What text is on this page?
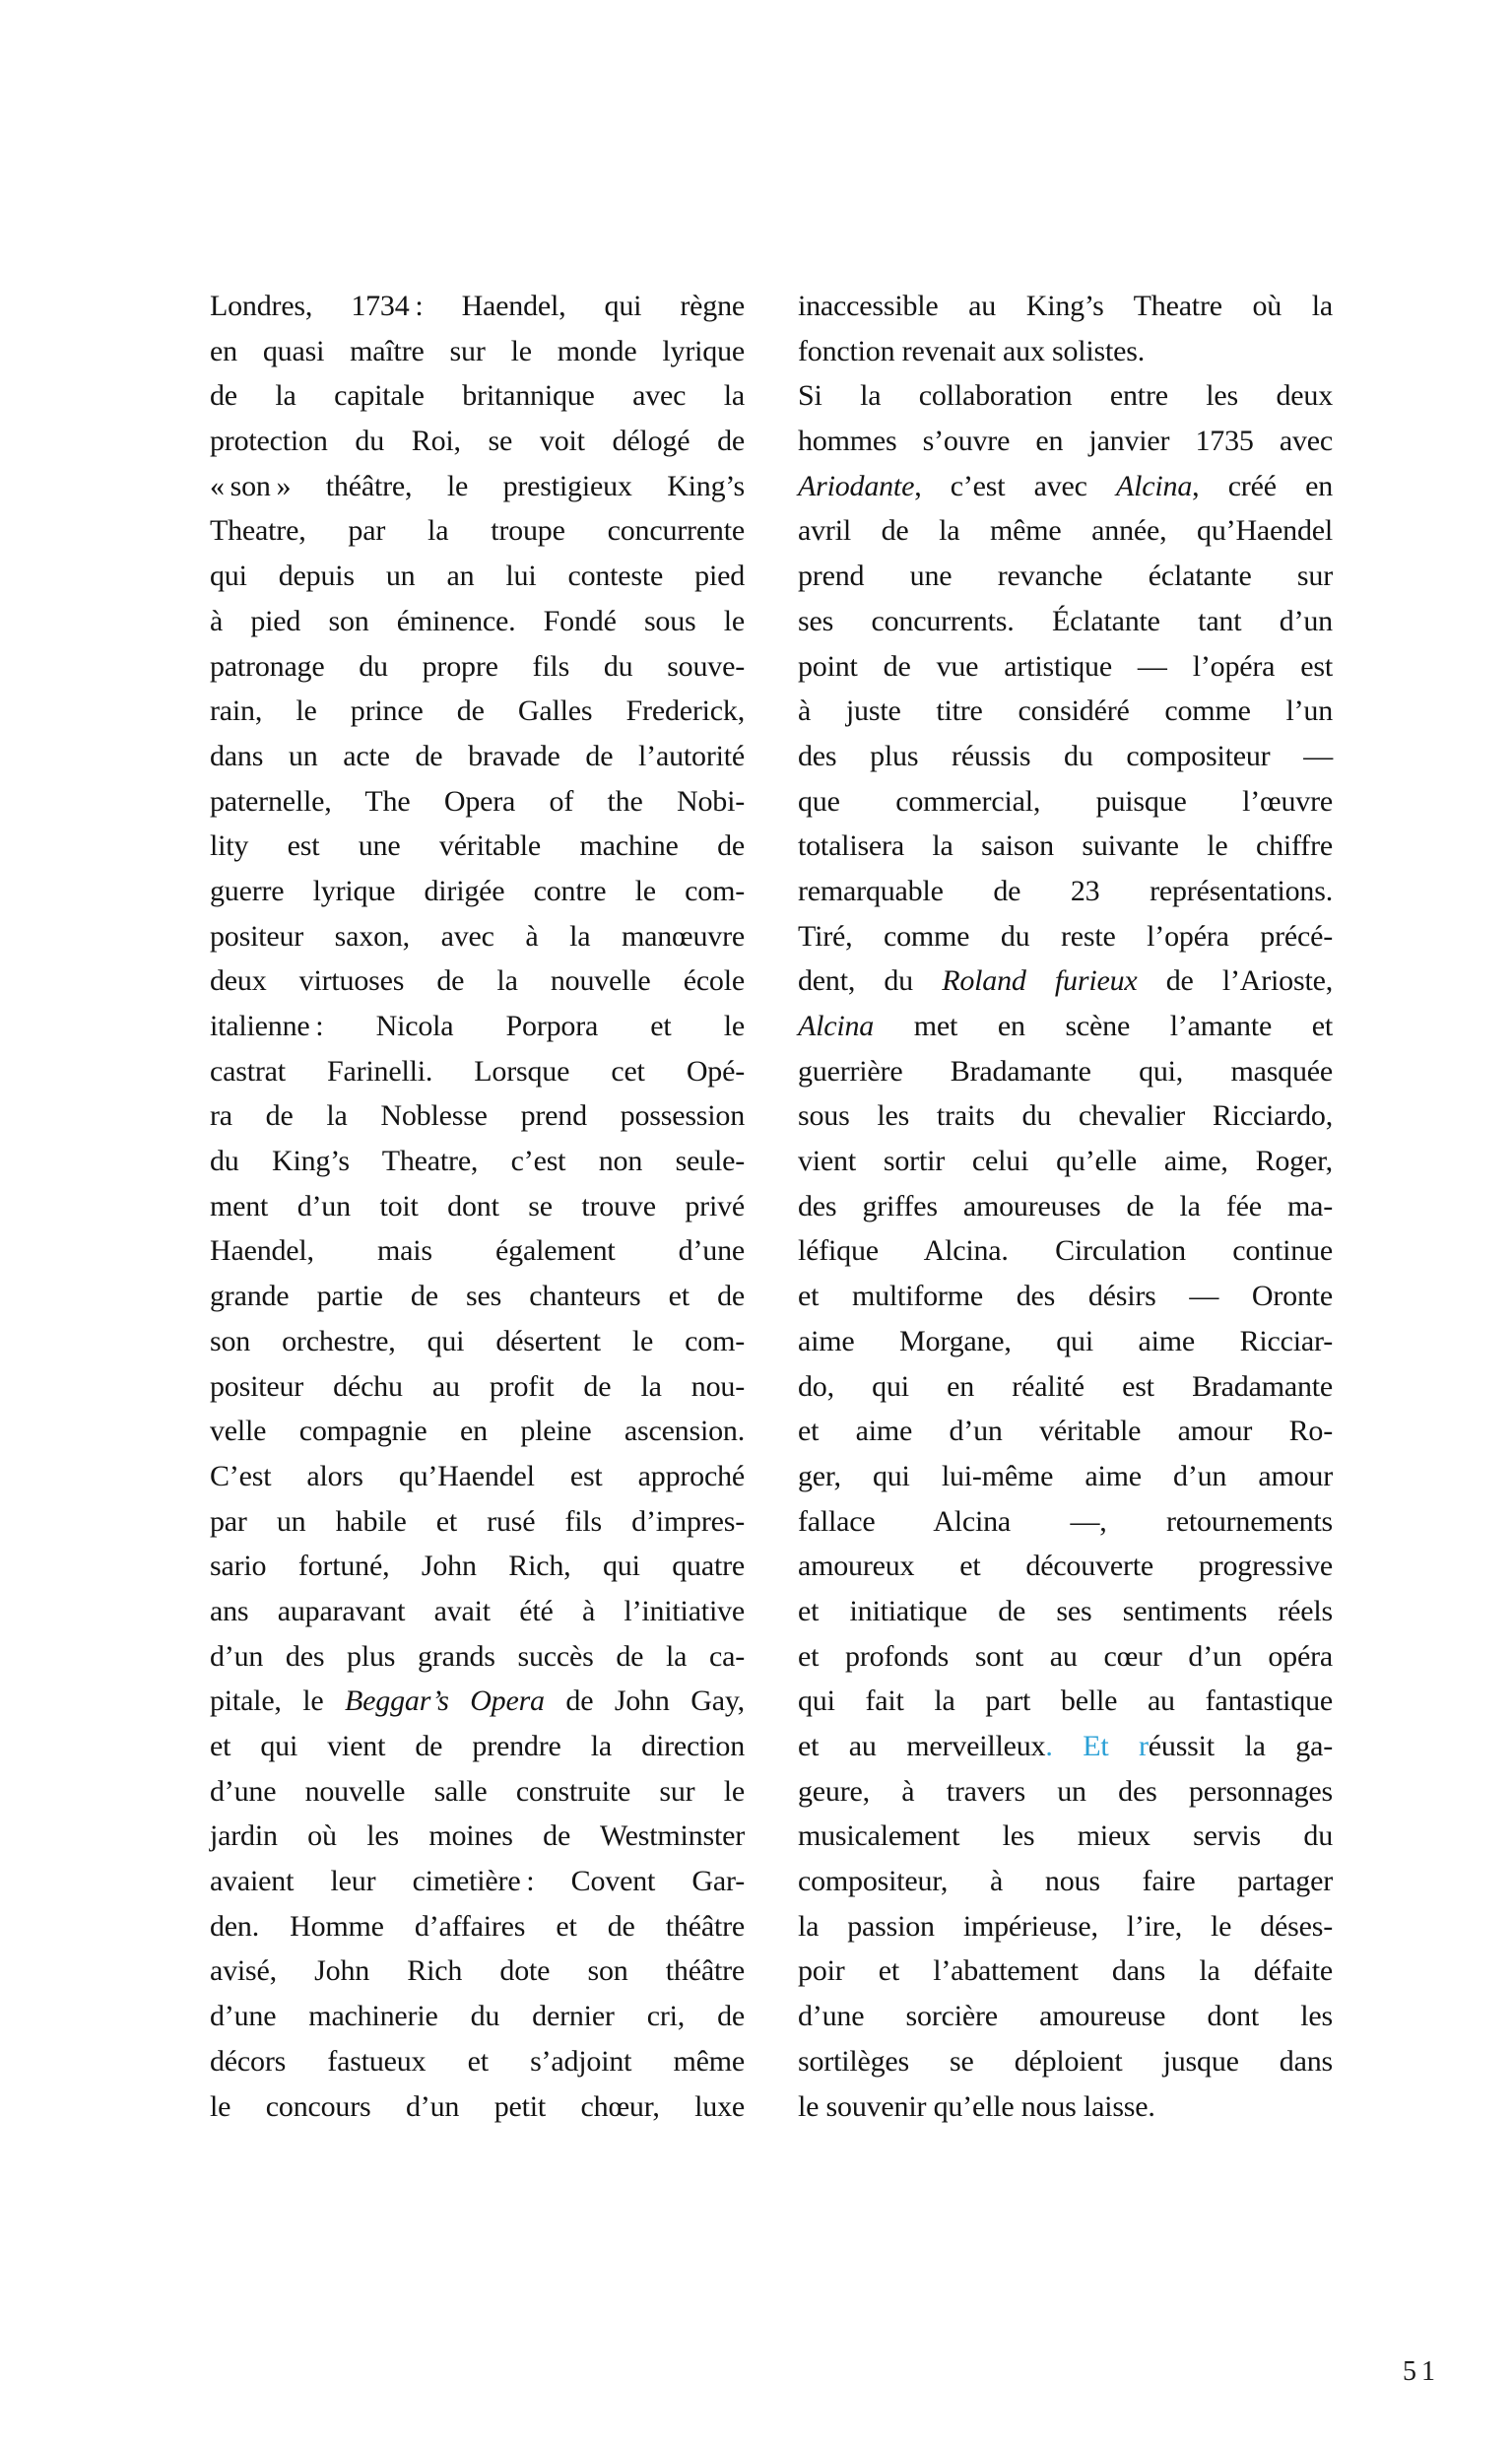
Londres, 1734 : Haendel, qui règne
en quasi maître sur le monde lyrique
de la capitale britannique avec la
protection du Roi, se voit délogé de
« son » théâtre, le prestigieux King’s
Theatre, par la troupe concurrente
qui depuis un an lui conteste pied
à pied son éminence. Fondé sous le
patronage du propre fils du souve-
rain, le prince de Galles Frederick,
dans un acte de bravade de l’autorité
paternelle, The Opera of the Nobi-
lity est une véritable machine de
guerre lyrique dirigée contre le com-
positeur saxon, avec à la manœuvre
deux virtuoses de la nouvelle école
italienne : Nicola Porpora et le
castrat Farinelli. Lorsque cet Opé-
ra de la Noblesse prend possession
du King’s Theatre, c’est non seule-
ment d’un toit dont se trouve privé
Haendel, mais également d’une
grande partie de ses chanteurs et de
son orchestre, qui désertent le com-
positeur déchu au profit de la nou-
velle compagnie en pleine ascension.
C’est alors qu’Haendel est approché
par un habile et rusé fils d’impres-
sario fortuné, John Rich, qui quatre
ans auparavant avait été à l’initiative
d’un des plus grands succès de la ca-
pitale, le Beggar’s Opera de John Gay,
et qui vient de prendre la direction
d’une nouvelle salle construite sur le
jardin où les moines de Westminster
avaient leur cimetière : Covent Gar-
den. Homme d’affaires et de théâtre
avisé, John Rich dote son théâtre
d’une machinerie du dernier cri, de
décors fastueux et s’adjoint même
le concours d’un petit chœur, luxe
inaccessible au King’s Theatre où la
fonction revenait aux solistes.
Si la collaboration entre les deux
hommes s’ouvre en janvier 1735 avec
Ariodante, c’est avec Alcina, créé en
avril de la même année, qu’Haendel
prend une revanche éclatante sur
ses concurrents. Éclatante tant d’un
point de vue artistique — l’opéra est
à juste titre considéré comme l’un
des plus réussis du compositeur —
que commercial, puisque l’œuvre
totalisera la saison suivante le chiffre
remarquable de 23 représentations.
Tiré, comme du reste l’opéra précé-
dent, du Roland furieux de l’Arioste,
Alcina met en scène l’amante et
guerrière Bradamante qui, masquée
sous les traits du chevalier Ricciardo,
vient sortir celui qu’elle aime, Roger,
des griffes amoureuses de la fée ma-
léfique Alcina. Circulation continue
et multiforme des désirs — Oronte
aime Morgane, qui aime Ricciar-
do, qui en réalité est Bradamante
et aime d’un véritable amour Ro-
ger, qui lui-même aime d’un amour
fallace Alcina —, retournements
amoureux et découverte progressive
et initiatique de ses sentiments réels
et profonds sont au cœur d’un opéra
qui fait la part belle au fantastique
et au merveilleux. Et réussit la ga-
geure, à travers un des personnages
musicalement les mieux servis du
compositeur, à nous faire partager
la passion impérieuse, l’ire, le déses-
poir et l’abattement dans la défaite
d’une sorcière amoureuse dont les
sortilèges se déploient jusque dans
le souvenir qu’elle nous laisse.
51
